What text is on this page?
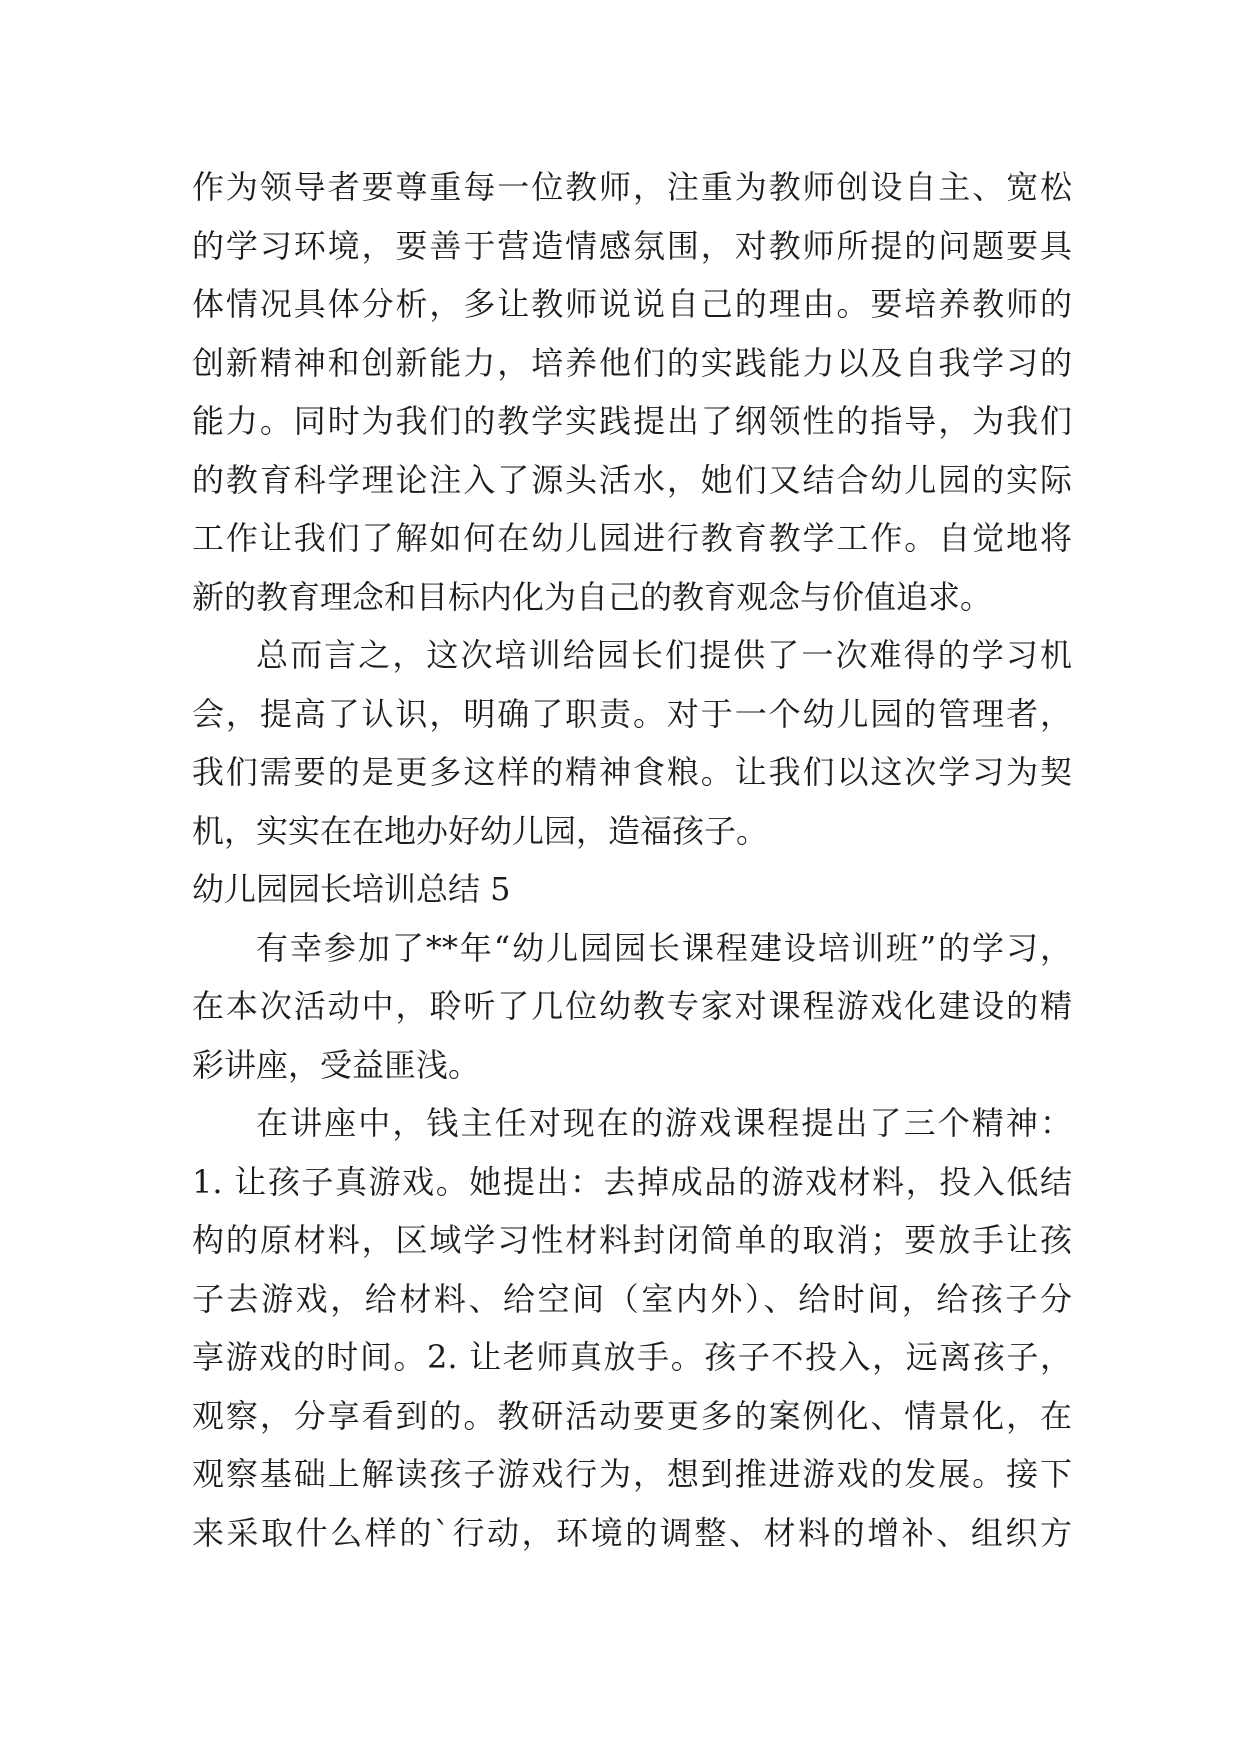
作为领导者要尊重每一位教师，注重为教师创设自主、宽松
的学习环境，要善于营造情感氛围，对教师所提的问题要具
体情况具体分析，多让教师说说自己的理由。要培养教师的
创新精神和创新能力，培养他们的实践能力以及自我学习的
能力。同时为我们的教学实践提出了纲领性的指导，为我们
的教育科学理论注入了源头活水，她们又结合幼儿园的实际
工作让我们了解如何在幼儿园进行教育教学工作。自觉地将
新的教育理念和目标内化为自己的教育观念与价值追求。
总而言之，这次培训给园长们提供了一次难得的学习机
会，提高了认识，明确了职责。对于一个幼儿园的管理者，
我们需要的是更多这样的精神食粮。让我们以这次学习为契
机，实实在在地办好幼儿园，造福孩子。
幼儿园园长培训总结 5
有幸参加了**年“幼儿园园长课程建设培训班”的学习，
在本次活动中，聆听了几位幼教专家对课程游戏化建设的精
彩讲座，受益匪浅。
在讲座中，钱主任对现在的游戏课程提出了三个精神：
1. 让孩子真游戏。她提出：去掉成品的游戏材料，投入低结
构的原材料，区域学习性材料封闭简单的取消；要放手让孩
子去游戏，给材料、给空间（室内外）、给时间，给孩子分
享游戏的时间。2. 让老师真放手。孩子不投入，远离孩子，
观察，分享看到的。教研活动要更多的案例化、情景化，在
观察基础上解读孩子游戏行为，想到推进游戏的发展。接下
来采取什么样的`行动，环境的调整、材料的增补、组织方
